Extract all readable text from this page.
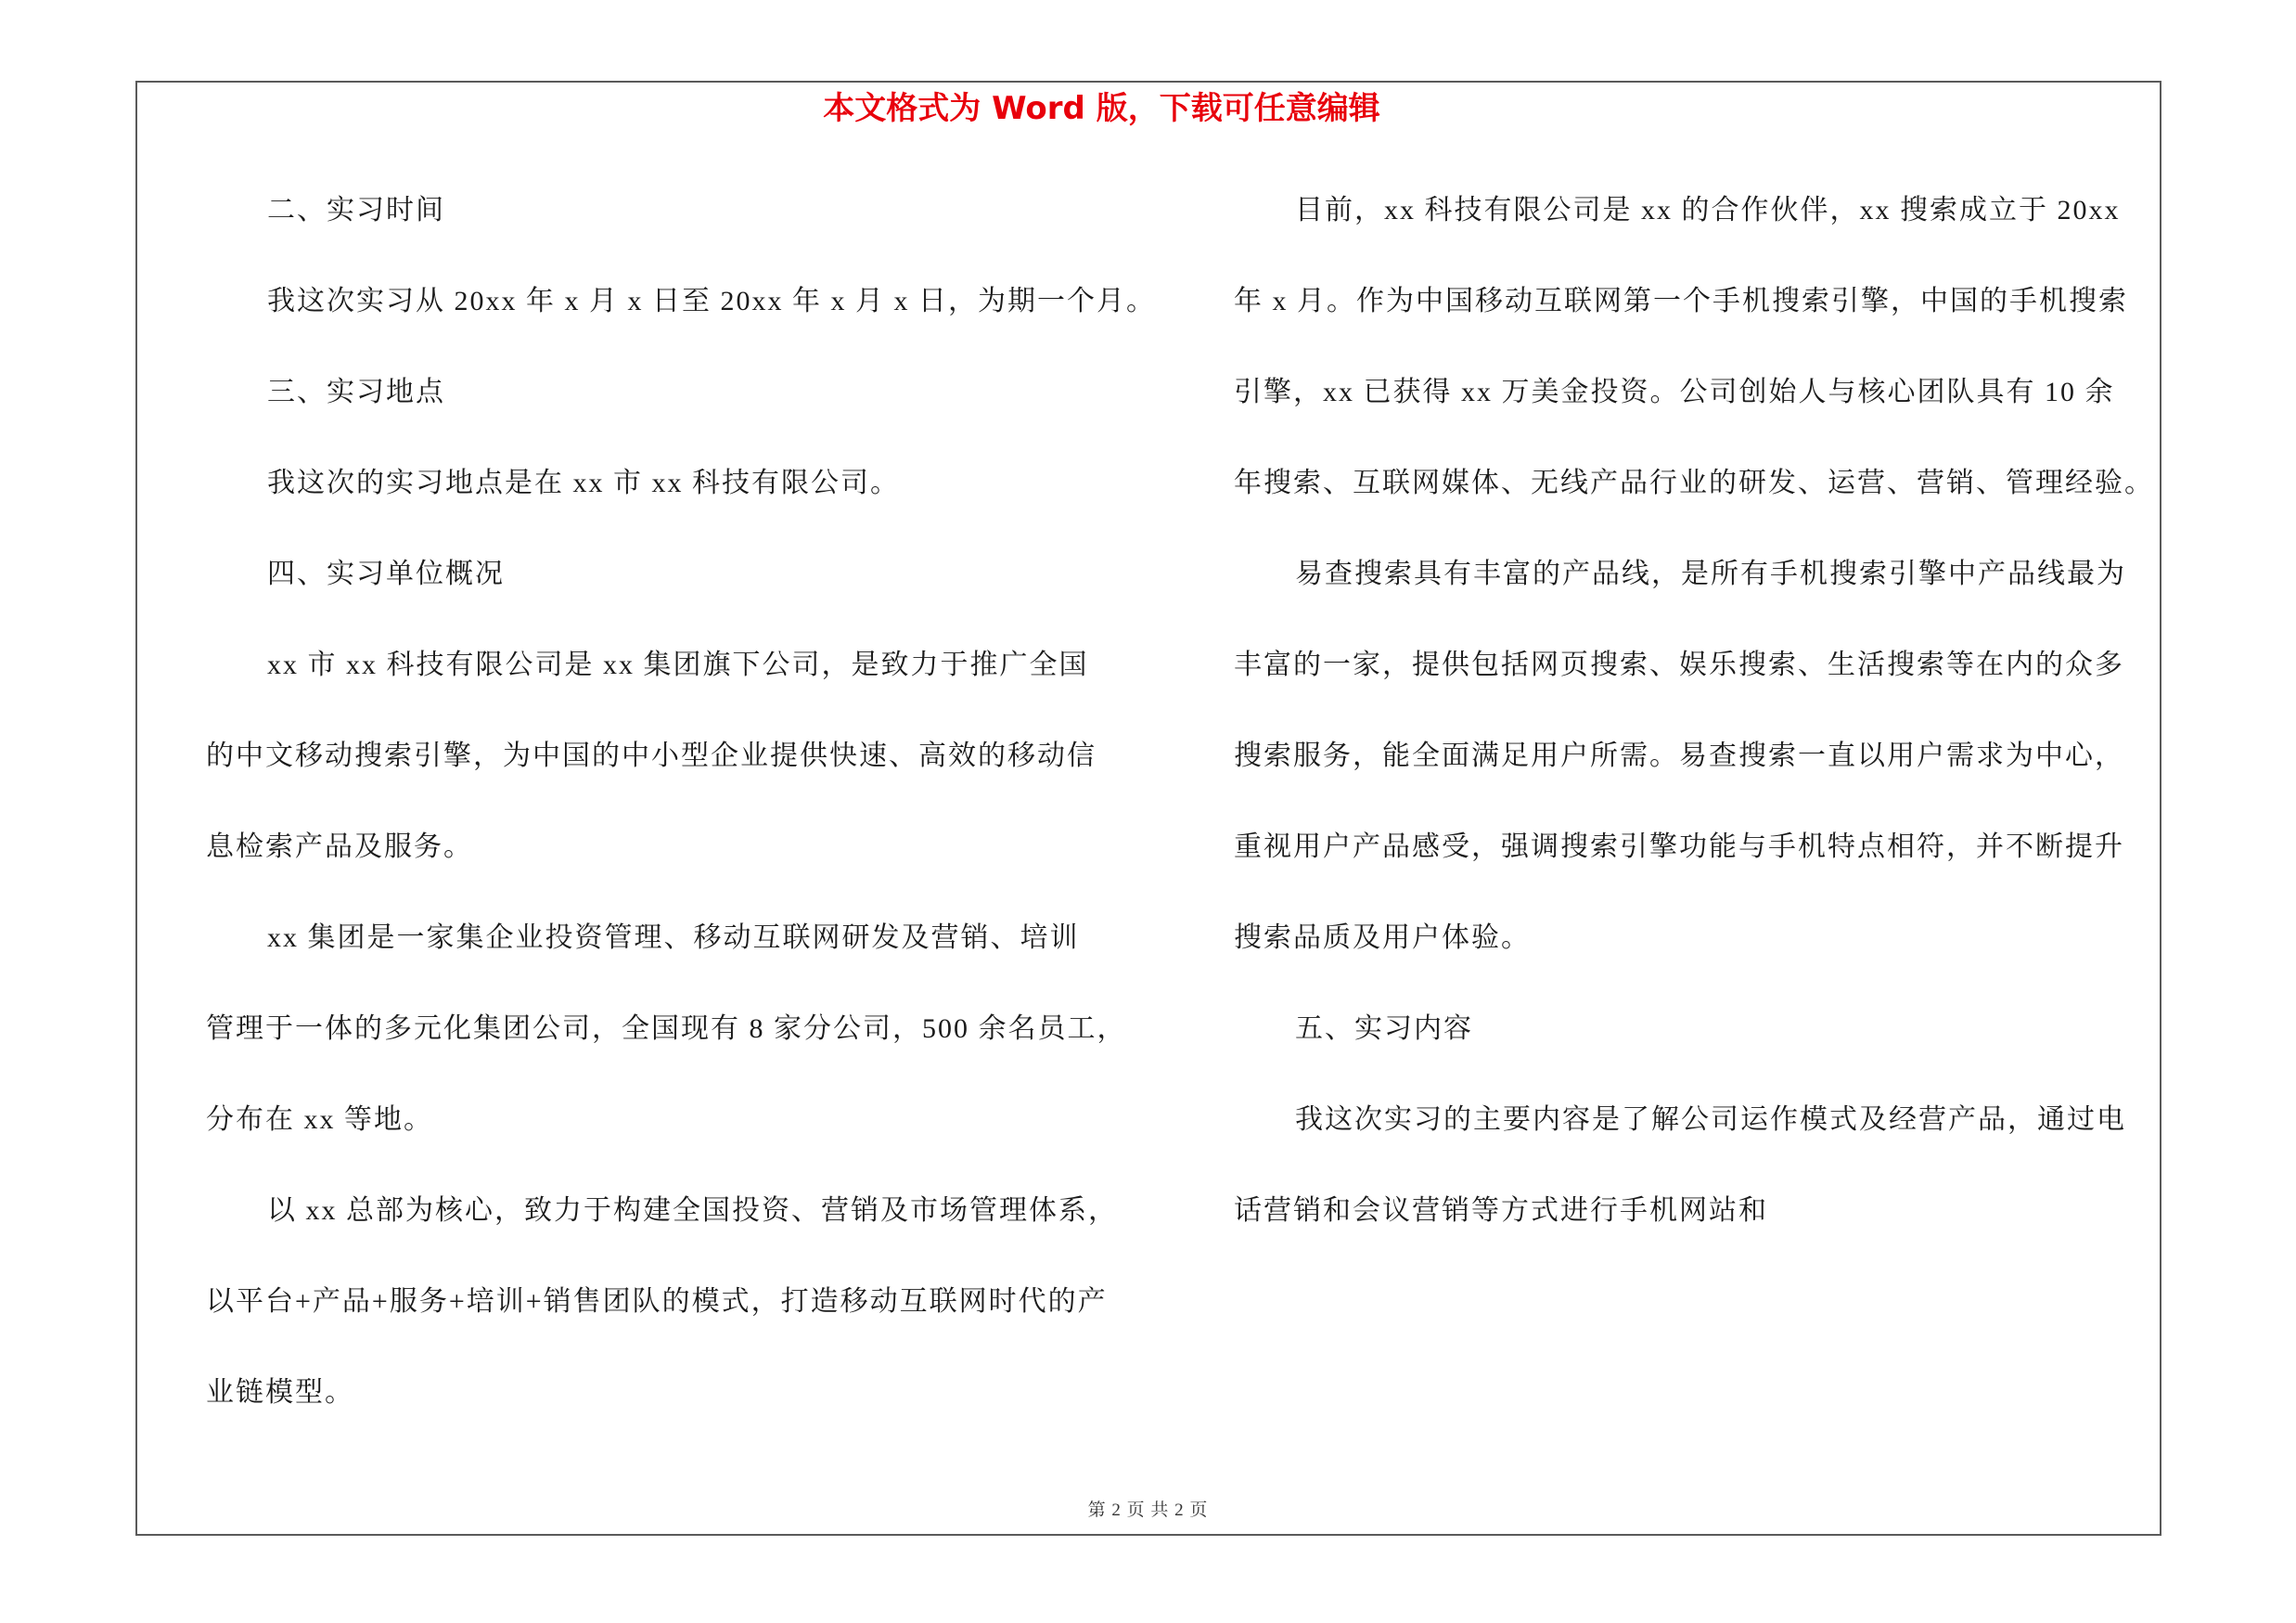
本文格式为 Word 版，下载可任意编辑
二、实习时间
我这次实习从 20xx 年 x 月 x 日至 20xx 年 x 月 x 日，为期一个月。
三、实习地点
我这次的实习地点是在 xx 市 xx 科技有限公司。
四、实习单位概况
xx 市 xx 科技有限公司是 xx 集团旗下公司，是致力于推广全国
的中文移动搜索引擎，为中国的中小型企业提供快速、高效的移动信
息检索产品及服务。
xx 集团是一家集企业投资管理、移动互联网研发及营销、培训
管理于一体的多元化集团公司，全国现有 8 家分公司，500 余名员工，
分布在 xx 等地。
以 xx 总部为核心，致力于构建全国投资、营销及市场管理体系，
以平台+产品+服务+培训+销售团队的模式，打造移动互联网时代的产
业链模型。
目前，xx 科技有限公司是 xx 的合作伙伴，xx 搜索成立于 20xx
年 x 月。作为中国移动互联网第一个手机搜索引擎，中国的手机搜索
引擎，xx 已获得 xx 万美金投资。公司创始人与核心团队具有 10 余
年搜索、互联网媒体、无线产品行业的研发、运营、营销、管理经验。
易查搜索具有丰富的产品线，是所有手机搜索引擎中产品线最为
丰富的一家，提供包括网页搜索、娱乐搜索、生活搜索等在内的众多
搜索服务，能全面满足用户所需。易查搜索一直以用户需求为中心，
重视用户产品感受，强调搜索引擎功能与手机特点相符，并不断提升
搜索品质及用户体验。
五、实习内容
我这次实习的主要内容是了解公司运作模式及经营产品，通过电
话营销和会议营销等方式进行手机网站和
第 2 页 共 2 页
